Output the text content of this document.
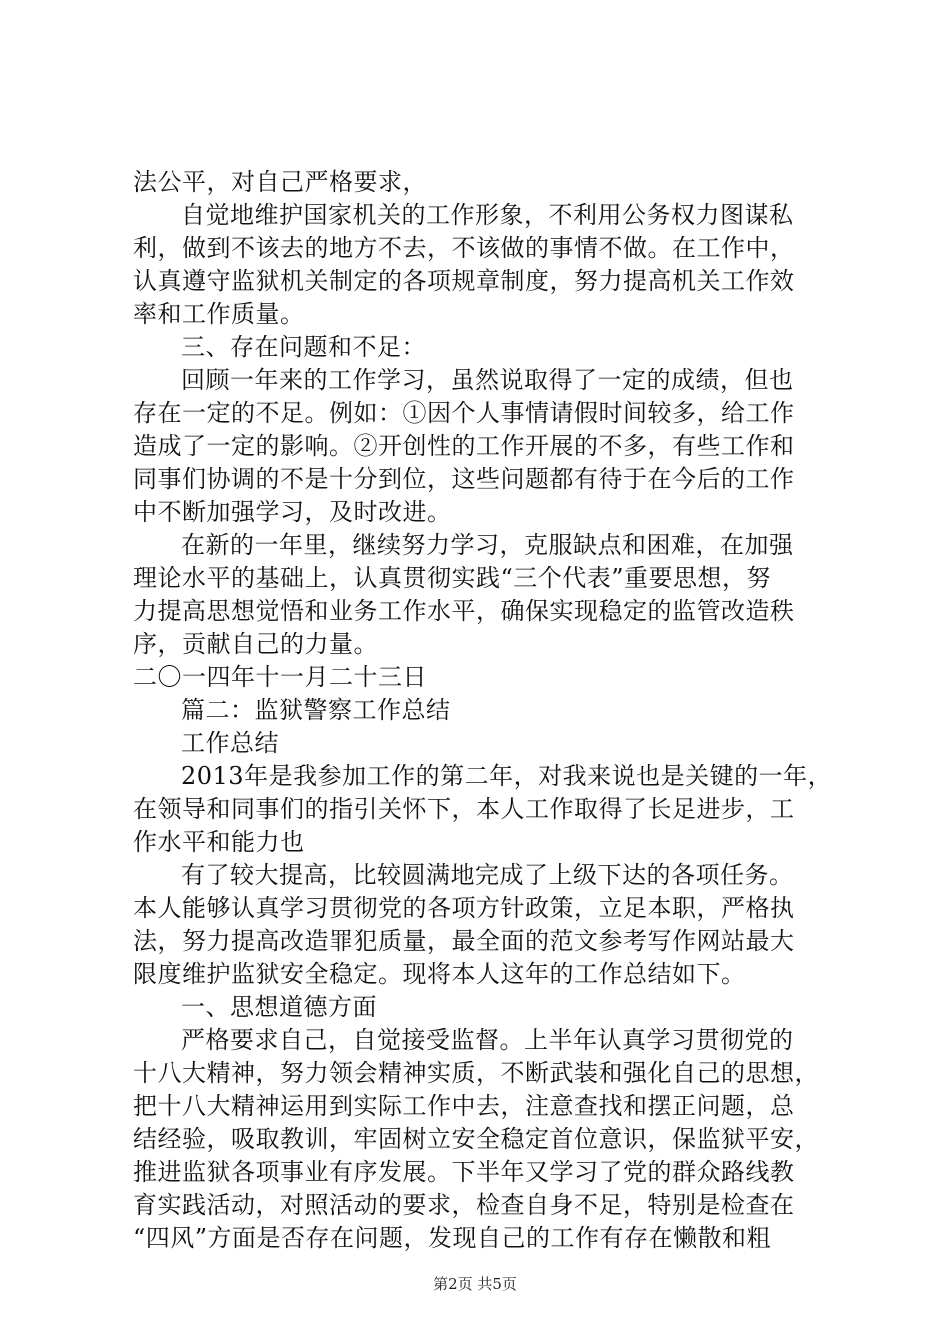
法公平，对自己严格要求，
自觉地维护国家机关的工作形象，不利用公务权力图谋私
利，做到不该去的地方不去，不该做的事情不做。在工作中，
认真遵守监狱机关制定的各项规章制度，努力提高机关工作效
率和工作质量。
三、存在问题和不足：
回顾一年来的工作学习，虽然说取得了一定的成绩，但也
存在一定的不足。例如：①因个人事情请假时间较多，给工作
造成了一定的影响。②开创性的工作开展的不多，有些工作和
同事们协调的不是十分到位，这些问题都有待于在今后的工作
中不断加强学习，及时改进。
在新的一年里，继续努力学习，克服缺点和困难，在加强
理论水平的基础上，认真贯彻实践“三个代表”重要思想，努
力提高思想觉悟和业务工作水平，确保实现稳定的监管改造秩
序，贡献自己的力量。
二〇一四年十一月二十三日
篇二：监狱警察工作总结
工作总结
2013年是我参加工作的第二年，对我来说也是关键的一年，
在领导和同事们的指引关怀下，本人工作取得了长足进步，工
作水平和能力也
有了较大提高，比较圆满地完成了上级下达的各项任务。
本人能够认真学习贯彻党的各项方针政策，立足本职，严格执
法，努力提高改造罪犯质量，最全面的范文参考写作网站最大
限度维护监狱安全稳定。现将本人这年的工作总结如下。
一、思想道德方面
严格要求自己，自觉接受监督。上半年认真学习贯彻党的
十八大精神，努力领会精神实质，不断武装和强化自己的思想，
把十八大精神运用到实际工作中去，注意查找和摆正问题，总
结经验，吸取教训，牢固树立安全稳定首位意识，保监狱平安，
推进监狱各项事业有序发展。下半年又学习了党的群众路线教
育实践活动，对照活动的要求，检查自身不足，特别是检查在
“四风”方面是否存在问题，发现自己的工作有存在懒散和粗
第2页 共5页
